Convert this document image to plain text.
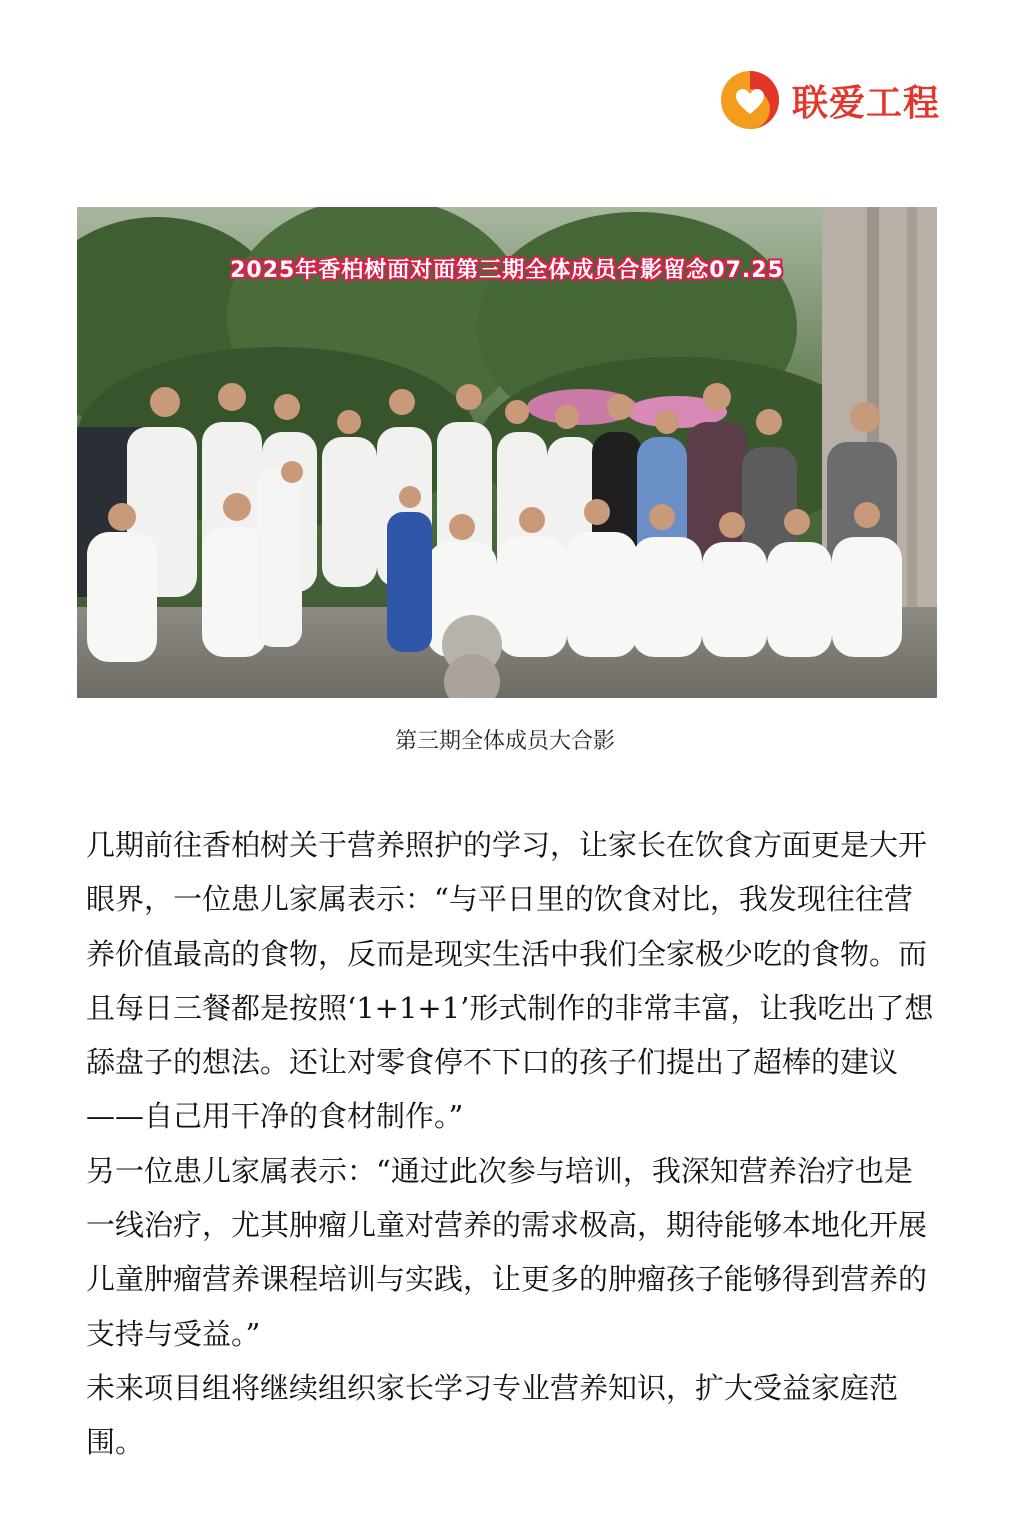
联爱工程
2025年香柏树面对面第三期全体成员合影留念07.25
第三期全体成员大合影

几期前往香柏树关于营养照护的学习，让家长在饮食方面更是大开眼界，一位患儿家属表示：“与平日里的饮食对比，我发现往往营养价值最高的食物，反而是现实生活中我们全家极少吃的食物。而且每日三餐都是按照‘1+1+1’形式制作的非常丰富，让我吃出了想舔盘子的想法。还让对零食停不下口的孩子们提出了超棒的建议——自己用干净的食材制作。”

另一位患儿家属表示：“通过此次参与培训，我深知营养治疗也是一线治疗，尤其肿瘤儿童对营养的需求极高，期待能够本地化开展儿童肿瘤营养课程培训与实践，让更多的肿瘤孩子能够得到营养的支持与受益。”

未来项目组将继续组织家长学习专业营养知识，扩大受益家庭范围。
